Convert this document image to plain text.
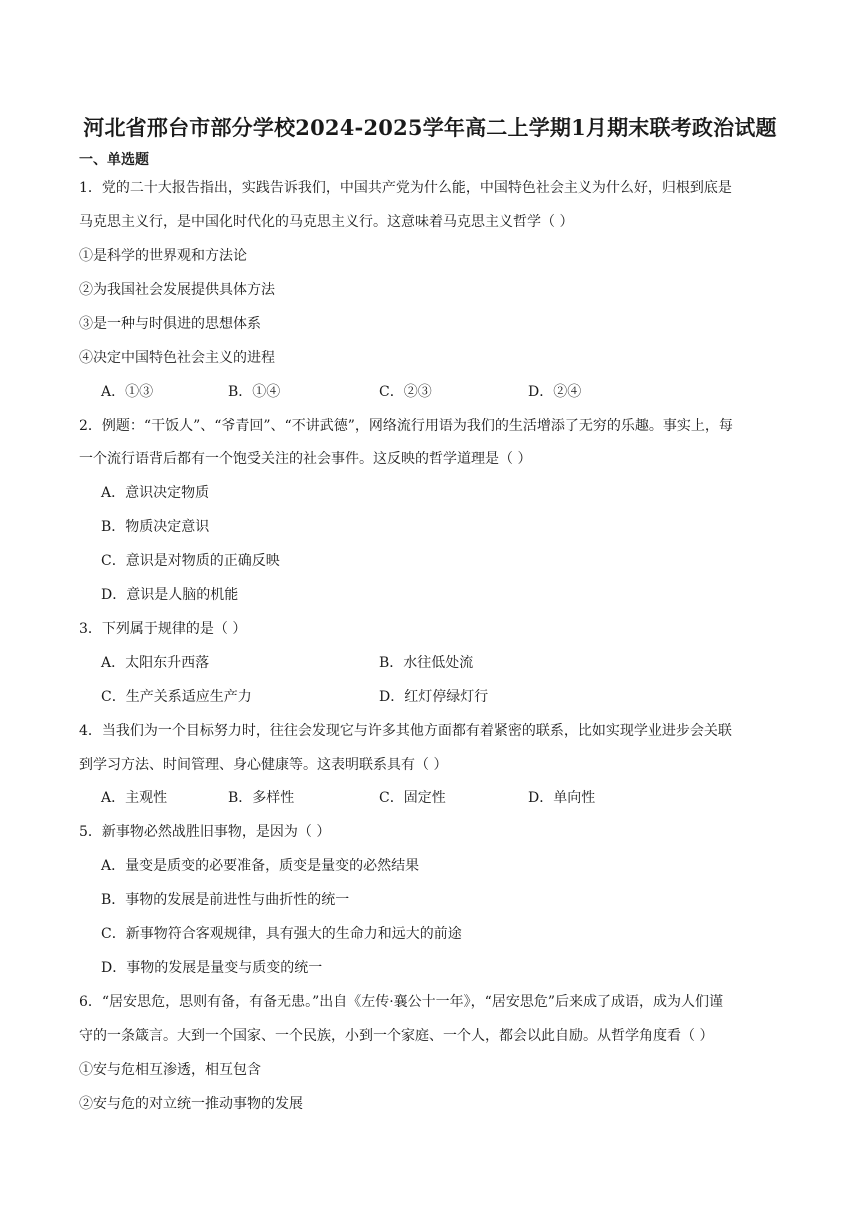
河北省邢台市部分学校2024-2025学年高二上学期1月期末联考政治试题
一、单选题
1．党的二十大报告指出，实践告诉我们，中国共产党为什么能，中国特色社会主义为什么好，归根到底是
马克思主义行，是中国化时代化的马克思主义行。这意味着马克思主义哲学（ ）
①是科学的世界观和方法论
②为我国社会发展提供具体方法
③是一种与时俱进的思想体系
④决定中国特色社会主义的进程
A．①③	B．①④	C．②③	D．②④
2．例题：“干饭人”、“爷青回”、“不讲武德”，网络流行用语为我们的生活增添了无穷的乐趣。事实上，每
一个流行语背后都有一个饱受关注的社会事件。这反映的哲学道理是（ ）
A．意识决定物质
B．物质决定意识
C．意识是对物质的正确反映
D．意识是人脑的机能
3．下列属于规律的是（ ）
A．太阳东升西落	B．水往低处流
C．生产关系适应生产力	D．红灯停绿灯行
4．当我们为一个目标努力时，往往会发现它与许多其他方面都有着紧密的联系，比如实现学业进步会关联
到学习方法、时间管理、身心健康等。这表明联系具有（ ）
A．主观性	B．多样性	C．固定性	D．单向性
5．新事物必然战胜旧事物，是因为（ ）
A．量变是质变的必要准备，质变是量变的必然结果
B．事物的发展是前进性与曲折性的统一
C．新事物符合客观规律，具有强大的生命力和远大的前途
D．事物的发展是量变与质变的统一
6．“居安思危，思则有备，有备无患。”出自《左传·襄公十一年》，“居安思危”后来成了成语，成为人们谨
守的一条箴言。大到一个国家、一个民族，小到一个家庭、一个人，都会以此自励。从哲学角度看（ ）
①安与危相互渗透，相互包含
②安与危的对立统一推动事物的发展
